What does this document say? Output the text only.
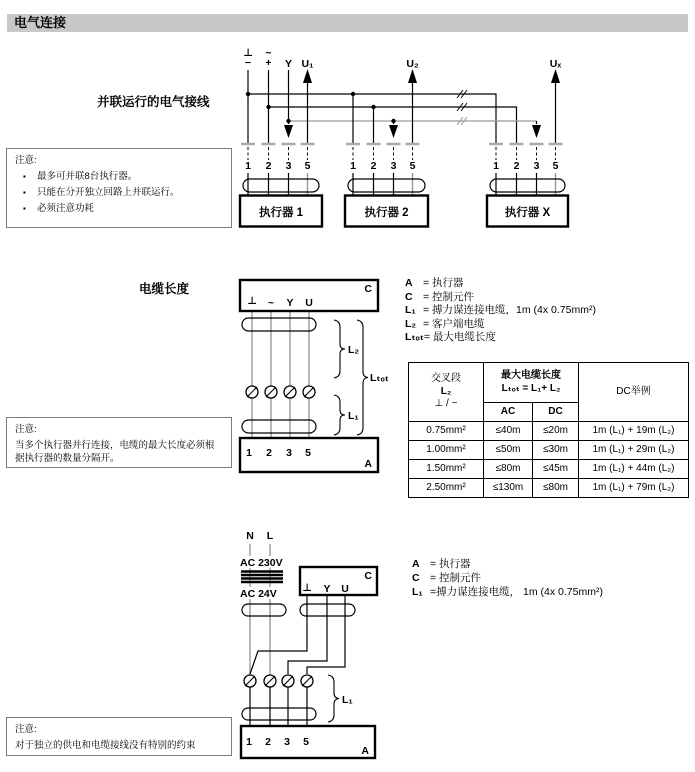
电气连接
并联运行的电气接线
执行器 1	执行器 2	执行器 X
⊥
−
~
+ Y U₁	U₂	Uₓ
1 2 3 5	1 2 3 5	1 2 3 5
注意:
▪	最多可并联8台执行器。
▪	只能在分开独立回路上并联运行。
▪	必须注意功耗
电缆长度	C
⊥ ~ Y U
1 2 3 5
A
L₂
L₁
Lₜₒₜ
A = 执行器
C = 控制元件
L₁ = 搏力谋连接电缆，1m (4x 0.75mm²)
L₂ = 客户端电缆
Lₜₒₜ = 最大电缆长度
交叉段
L₂
⊥ / ~

最大电缆长度
Lₜₒₜ = L₁+ L₂	DC举例
	AC	DC	
0.75mm²	≤40m	≤20m	1m (L₁) + 19m (L₂)
1.00mm²	≤50m	≤30m	1m (L₁) + 29m (L₂)
1.50mm²	≤80m	≤45m	1m (L₁) + 44m (L₂)
2.50mm²	≤130m	≤80m	1m (L₁) + 79m (L₂)
注意:
当多个执行器并行连接，电缆的最大长度必须根据执行器的数量分隔开。
N L
AC 230V
AC 24V
C
⊥ Y U
L₁
1 2 3 5
A
A = 执行器
C = 控制元件
L₁ =搏力谋连接电缆， 1m (4x 0.75mm²)
注意:
对于独立的供电和电缆接线没有特别的约束
